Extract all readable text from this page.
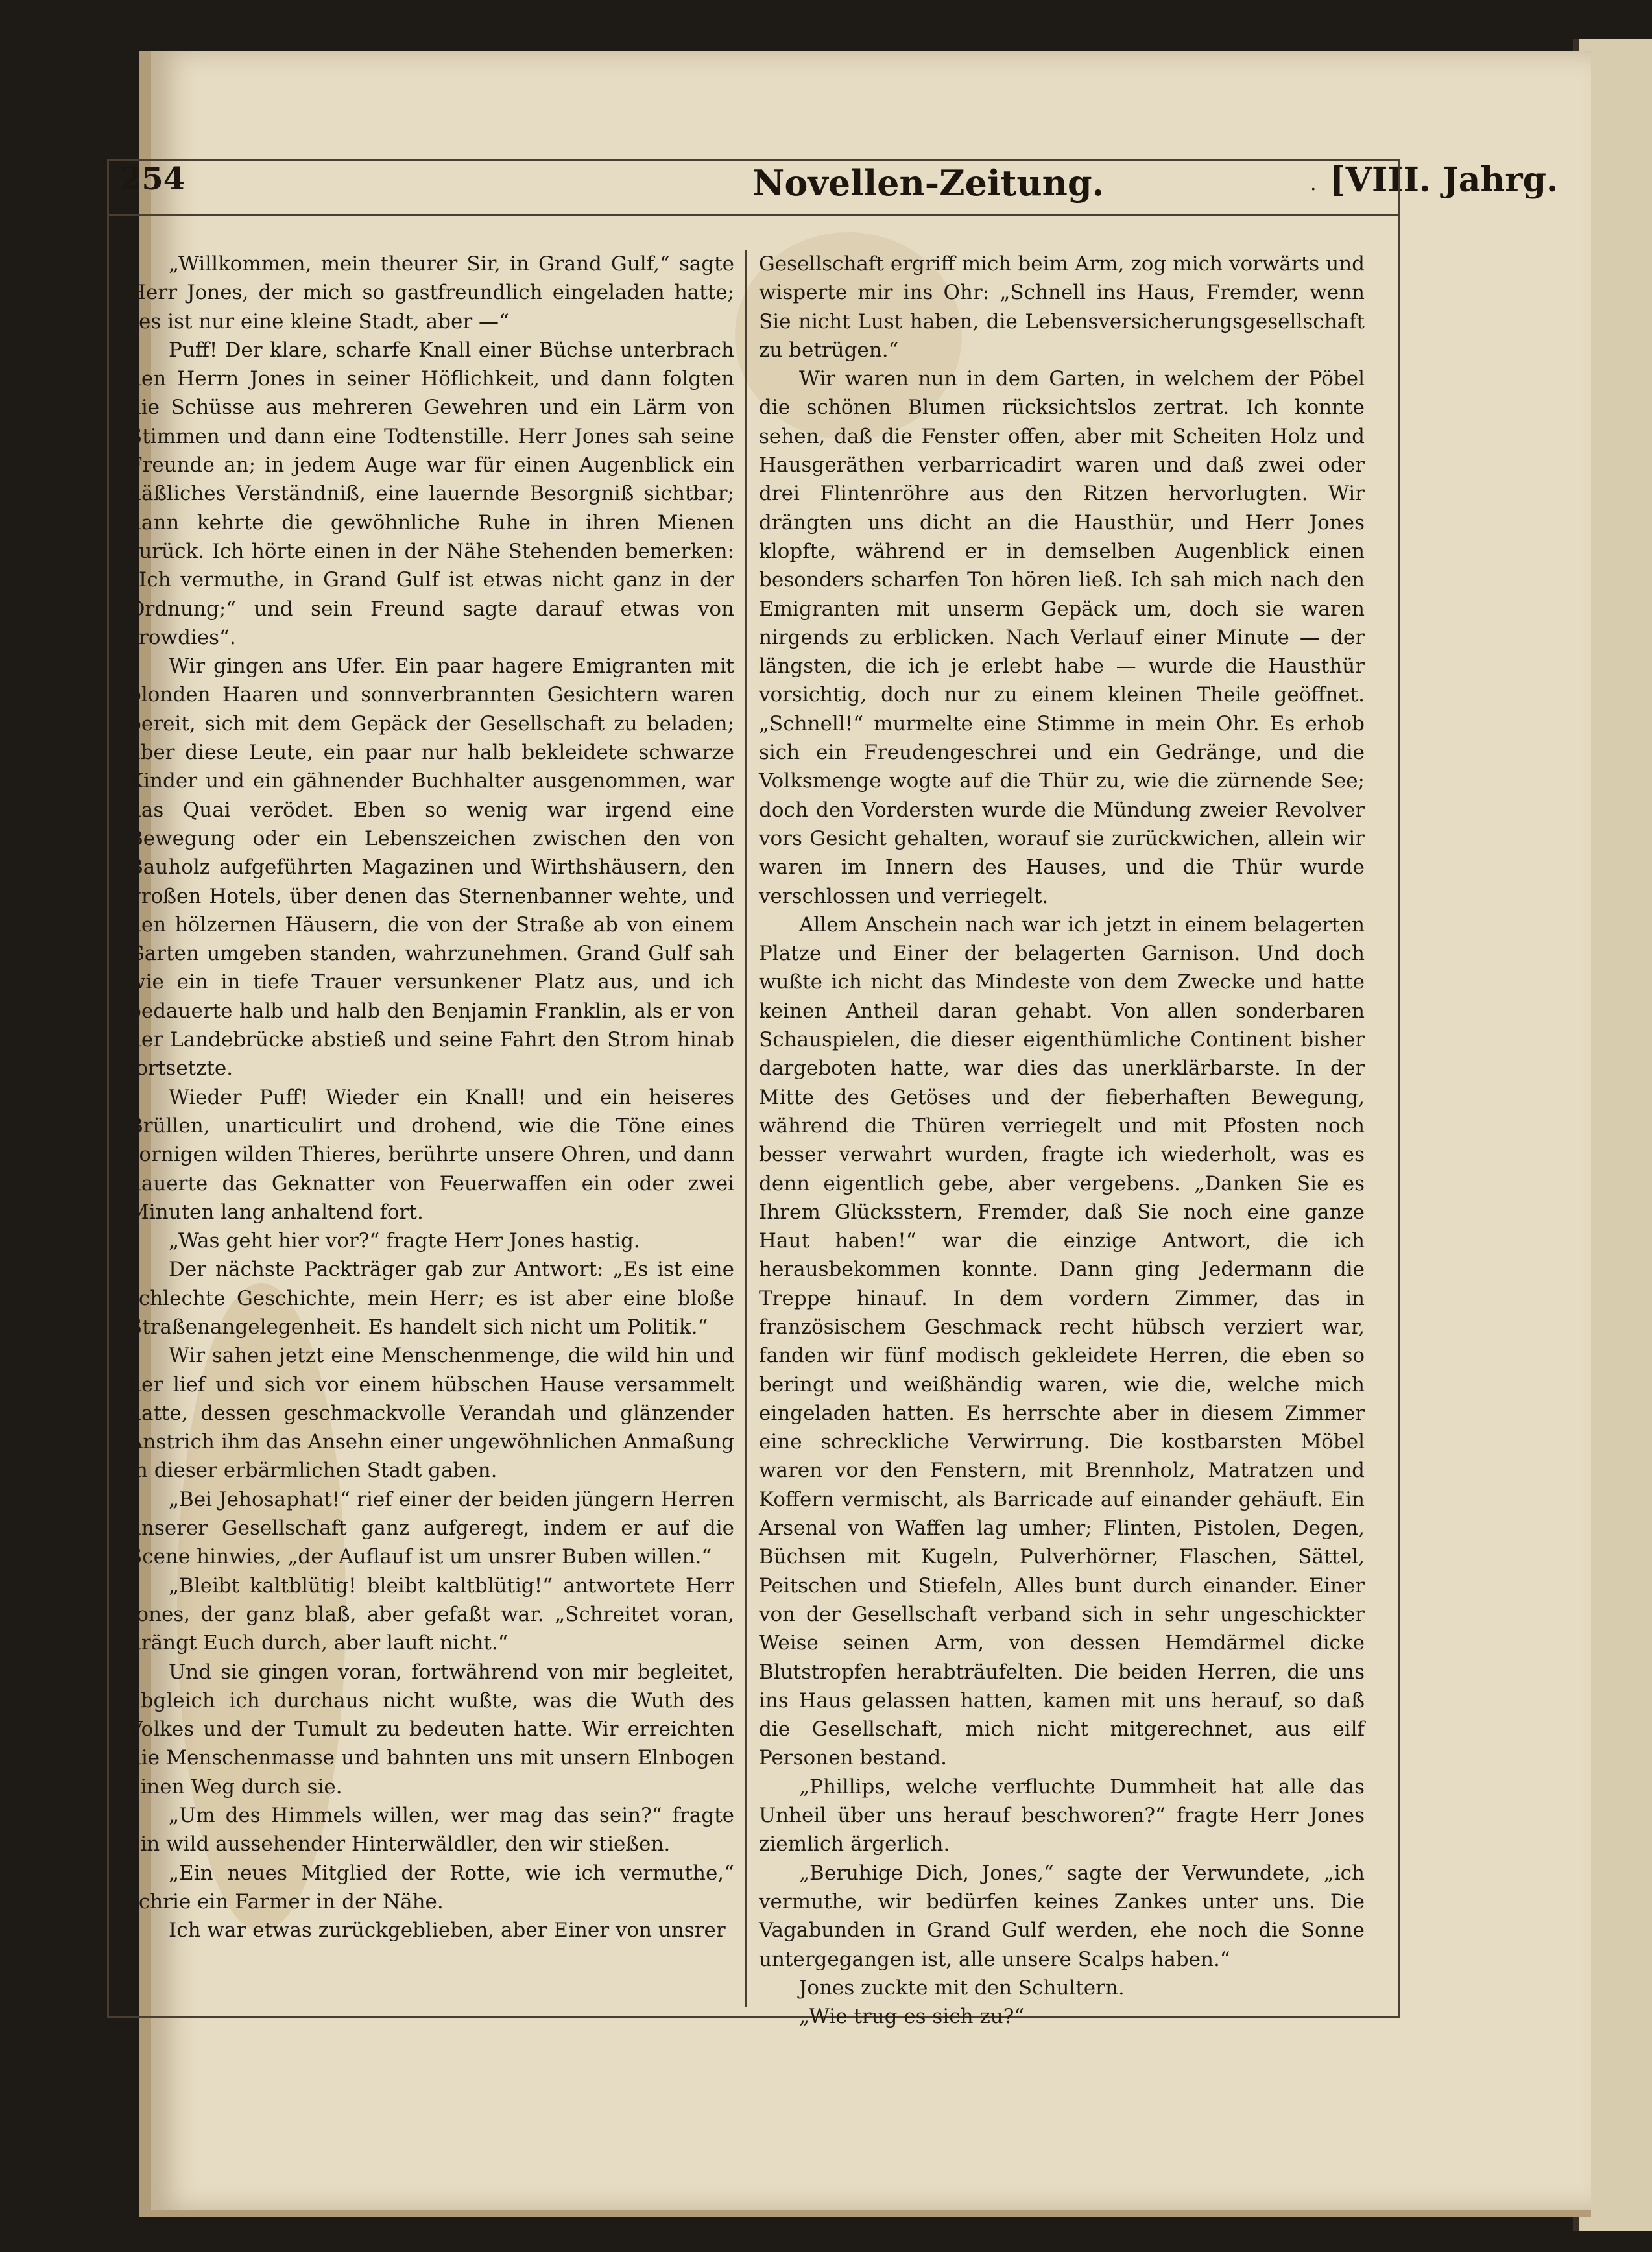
254	Novellen-Zeitung.	· [VIII. Jahrg.

„Willkommen, mein theurer Sir, in Grand Gulf,“ sagte Herr Jones, der mich so gastfreundlich eingeladen hatte; „es ist nur eine kleine Stadt, aber —“

Puff! Der klare, scharfe Knall einer Büchse unterbrach den Herrn Jones in seiner Höflichkeit, und dann folgten die Schüsse aus mehreren Gewehren und ein Lärm von Stimmen und dann eine Todtenstille. Herr Jones sah seine Freunde an; in jedem Auge war für einen Augenblick ein häßliches Verständniß, eine lauernde Besorgniß sichtbar; dann kehrte die gewöhnliche Ruhe in ihren Mienen zurück. Ich hörte einen in der Nähe Stehenden bemerken: „Ich vermuthe, in Grand Gulf ist etwas nicht ganz in der Ordnung;“ und sein Freund sagte darauf etwas von „rowdies“.

Wir gingen ans Ufer. Ein paar hagere Emigranten mit blonden Haaren und sonnverbrannten Gesichtern waren bereit, sich mit dem Gepäck der Gesellschaft zu beladen; aber diese Leute, ein paar nur halb bekleidete schwarze Kinder und ein gähnender Buchhalter ausgenommen, war das Quai verödet. Eben so wenig war irgend eine Bewegung oder ein Lebenszeichen zwischen den von Bauholz aufgeführten Magazinen und Wirthshäusern, den großen Hotels, über denen das Sternenbanner wehte, und den hölzernen Häusern, die von der Straße ab von einem Garten umgeben standen, wahrzunehmen. Grand Gulf sah wie ein in tiefe Trauer versunkener Platz aus, und ich bedauerte halb und halb den Benjamin Franklin, als er von der Landebrücke abstieß und seine Fahrt den Strom hinab fortsetzte.

Wieder Puff! Wieder ein Knall! und ein heiseres Brüllen, unarticulirt und drohend, wie die Töne eines zornigen wilden Thieres, berührte unsere Ohren, und dann dauerte das Geknatter von Feuerwaffen ein oder zwei Minuten lang anhaltend fort.

„Was geht hier vor?“ fragte Herr Jones hastig.

Der nächste Packträger gab zur Antwort: „Es ist eine schlechte Geschichte, mein Herr; es ist aber eine bloße Straßenangelegenheit. Es handelt sich nicht um Politik.“

Wir sahen jetzt eine Menschenmenge, die wild hin und her lief und sich vor einem hübschen Hause versammelt hatte, dessen geschmackvolle Verandah und glänzender Anstrich ihm das Ansehn einer ungewöhnlichen Anmaßung in dieser erbärmlichen Stadt gaben.

„Bei Jehosaphat!“ rief einer der beiden jüngern Herren unserer Gesellschaft ganz aufgeregt, indem er auf die Scene hinwies, „der Auflauf ist um unsrer Buben willen.“

„Bleibt kaltblütig! bleibt kaltblütig!“ antwortete Herr Jones, der ganz blaß, aber gefaßt war. „Schreitet voran, drängt Euch durch, aber lauft nicht.“

Und sie gingen voran, fortwährend von mir begleitet, obgleich ich durchaus nicht wußte, was die Wuth des Volkes und der Tumult zu bedeuten hatte. Wir erreichten die Menschenmasse und bahnten uns mit unsern Elnbogen einen Weg durch sie.

„Um des Himmels willen, wer mag das sein?“ fragte ein wild aussehender Hinterwäldler, den wir stießen.

„Ein neues Mitglied der Rotte, wie ich vermuthe,“ schrie ein Farmer in der Nähe.

Ich war etwas zurückgeblieben, aber Einer von unsrer

Gesellschaft ergriff mich beim Arm, zog mich vorwärts und wisperte mir ins Ohr: „Schnell ins Haus, Fremder, wenn Sie nicht Lust haben, die Lebensversicherungsgesellschaft zu betrügen.“

Wir waren nun in dem Garten, in welchem der Pöbel die schönen Blumen rücksichtslos zertrat. Ich konnte sehen, daß die Fenster offen, aber mit Scheiten Holz und Hausgeräthen verbarricadirt waren und daß zwei oder drei Flintenröhre aus den Ritzen hervorlugten. Wir drängten uns dicht an die Hausthür, und Herr Jones klopfte, während er in demselben Augenblick einen besonders scharfen Ton hören ließ. Ich sah mich nach den Emigranten mit unserm Gepäck um, doch sie waren nirgends zu erblicken. Nach Verlauf einer Minute — der längsten, die ich je erlebt habe — wurde die Hausthür vorsichtig, doch nur zu einem kleinen Theile geöffnet. „Schnell!“ murmelte eine Stimme in mein Ohr. Es erhob sich ein Freudengeschrei und ein Gedränge, und die Volksmenge wogte auf die Thür zu, wie die zürnende See; doch den Vordersten wurde die Mündung zweier Revolver vors Gesicht gehalten, worauf sie zurückwichen, allein wir waren im Innern des Hauses, und die Thür wurde verschlossen und verriegelt.

Allem Anschein nach war ich jetzt in einem belagerten Platze und Einer der belagerten Garnison. Und doch wußte ich nicht das Mindeste von dem Zwecke und hatte keinen Antheil daran gehabt. Von allen sonderbaren Schauspielen, die dieser eigenthümliche Continent bisher dargeboten hatte, war dies das unerklärbarste. In der Mitte des Getöses und der fieberhaften Bewegung, während die Thüren verriegelt und mit Pfosten noch besser verwahrt wurden, fragte ich wiederholt, was es denn eigentlich gebe, aber vergebens. „Danken Sie es Ihrem Glücksstern, Fremder, daß Sie noch eine ganze Haut haben!“ war die einzige Antwort, die ich herausbekommen konnte. Dann ging Jedermann die Treppe hinauf. In dem vordern Zimmer, das in französischem Geschmack recht hübsch verziert war, fanden wir fünf modisch gekleidete Herren, die eben so beringt und weißhändig waren, wie die, welche mich eingeladen hatten. Es herrschte aber in diesem Zimmer eine schreckliche Verwirrung. Die kostbarsten Möbel waren vor den Fenstern, mit Brennholz, Matratzen und Koffern vermischt, als Barricade auf einander gehäuft. Ein Arsenal von Waffen lag umher; Flinten, Pistolen, Degen, Büchsen mit Kugeln, Pulverhörner, Flaschen, Sättel, Peitschen und Stiefeln, Alles bunt durch einander. Einer von der Gesellschaft verband sich in sehr ungeschickter Weise seinen Arm, von dessen Hemdärmel dicke Blutstropfen herabträufelten. Die beiden Herren, die uns ins Haus gelassen hatten, kamen mit uns herauf, so daß die Gesellschaft, mich nicht mitgerechnet, aus eilf Personen bestand.

„Phillips, welche verfluchte Dummheit hat alle das Unheil über uns herauf beschworen?“ fragte Herr Jones ziemlich ärgerlich.

„Beruhige Dich, Jones,“ sagte der Verwundete, „ich vermuthe, wir bedürfen keines Zankes unter uns. Die Vagabunden in Grand Gulf werden, ehe noch die Sonne untergegangen ist, alle unsere Scalps haben.“

Jones zuckte mit den Schultern.

„Wie trug es sich zu?“
